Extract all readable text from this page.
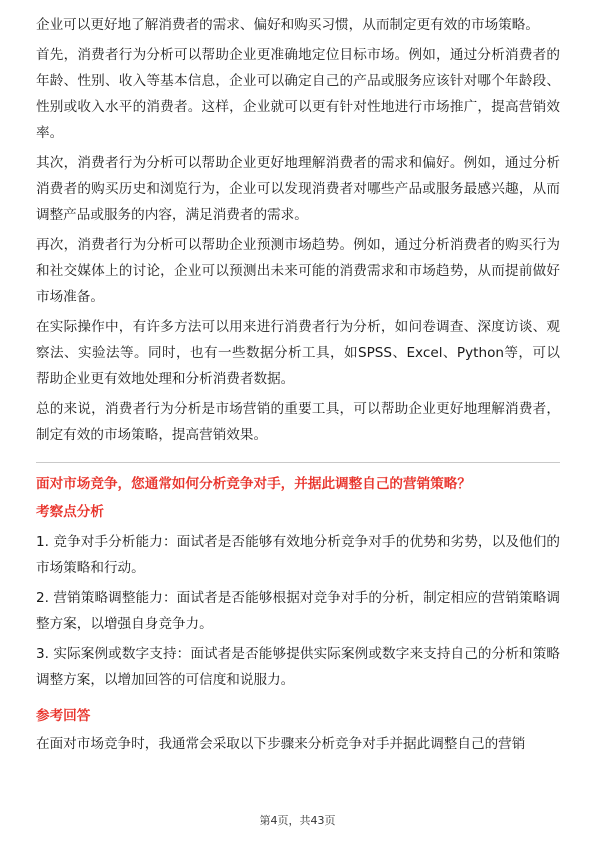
企业可以更好地了解消费者的需求、偏好和购买习惯，从而制定更有效的市场策略。

首先，消费者行为分析可以帮助企业更准确地定位目标市场。例如，通过分析消费者的年龄、性别、收入等基本信息，企业可以确定自己的产品或服务应该针对哪个年龄段、性别或收入水平的消费者。这样，企业就可以更有针对性地进行市场推广，提高营销效率。

其次，消费者行为分析可以帮助企业更好地理解消费者的需求和偏好。例如，通过分析消费者的购买历史和浏览行为，企业可以发现消费者对哪些产品或服务最感兴趣，从而调整产品或服务的内容，满足消费者的需求。

再次，消费者行为分析可以帮助企业预测市场趋势。例如，通过分析消费者的购买行为和社交媒体上的讨论，企业可以预测出未来可能的消费需求和市场趋势，从而提前做好市场准备。

在实际操作中，有许多方法可以用来进行消费者行为分析，如问卷调查、深度访谈、观察法、实验法等。同时，也有一些数据分析工具，如SPSS、Excel、Python等，可以帮助企业更有效地处理和分析消费者数据。

总的来说，消费者行为分析是市场营销的重要工具，可以帮助企业更好地理解消费者，制定有效的市场策略，提高营销效果。

面对市场竞争，您通常如何分析竞争对手，并据此调整自己的营销策略？
考察点分析

1. 竞争对手分析能力：面试者是否能够有效地分析竞争对手的优势和劣势，以及他们的市场策略和行动。

2. 营销策略调整能力：面试者是否能够根据对竞争对手的分析，制定相应的营销策略调整方案，以增强自身竞争力。

3. 实际案例或数字支持：面试者是否能够提供实际案例或数字来支持自己的分析和策略调整方案，以增加回答的可信度和说服力。

参考回答

在面对市场竞争时，我通常会采取以下步骤来分析竞争对手并据此调整自己的营销

第4页，共43页
